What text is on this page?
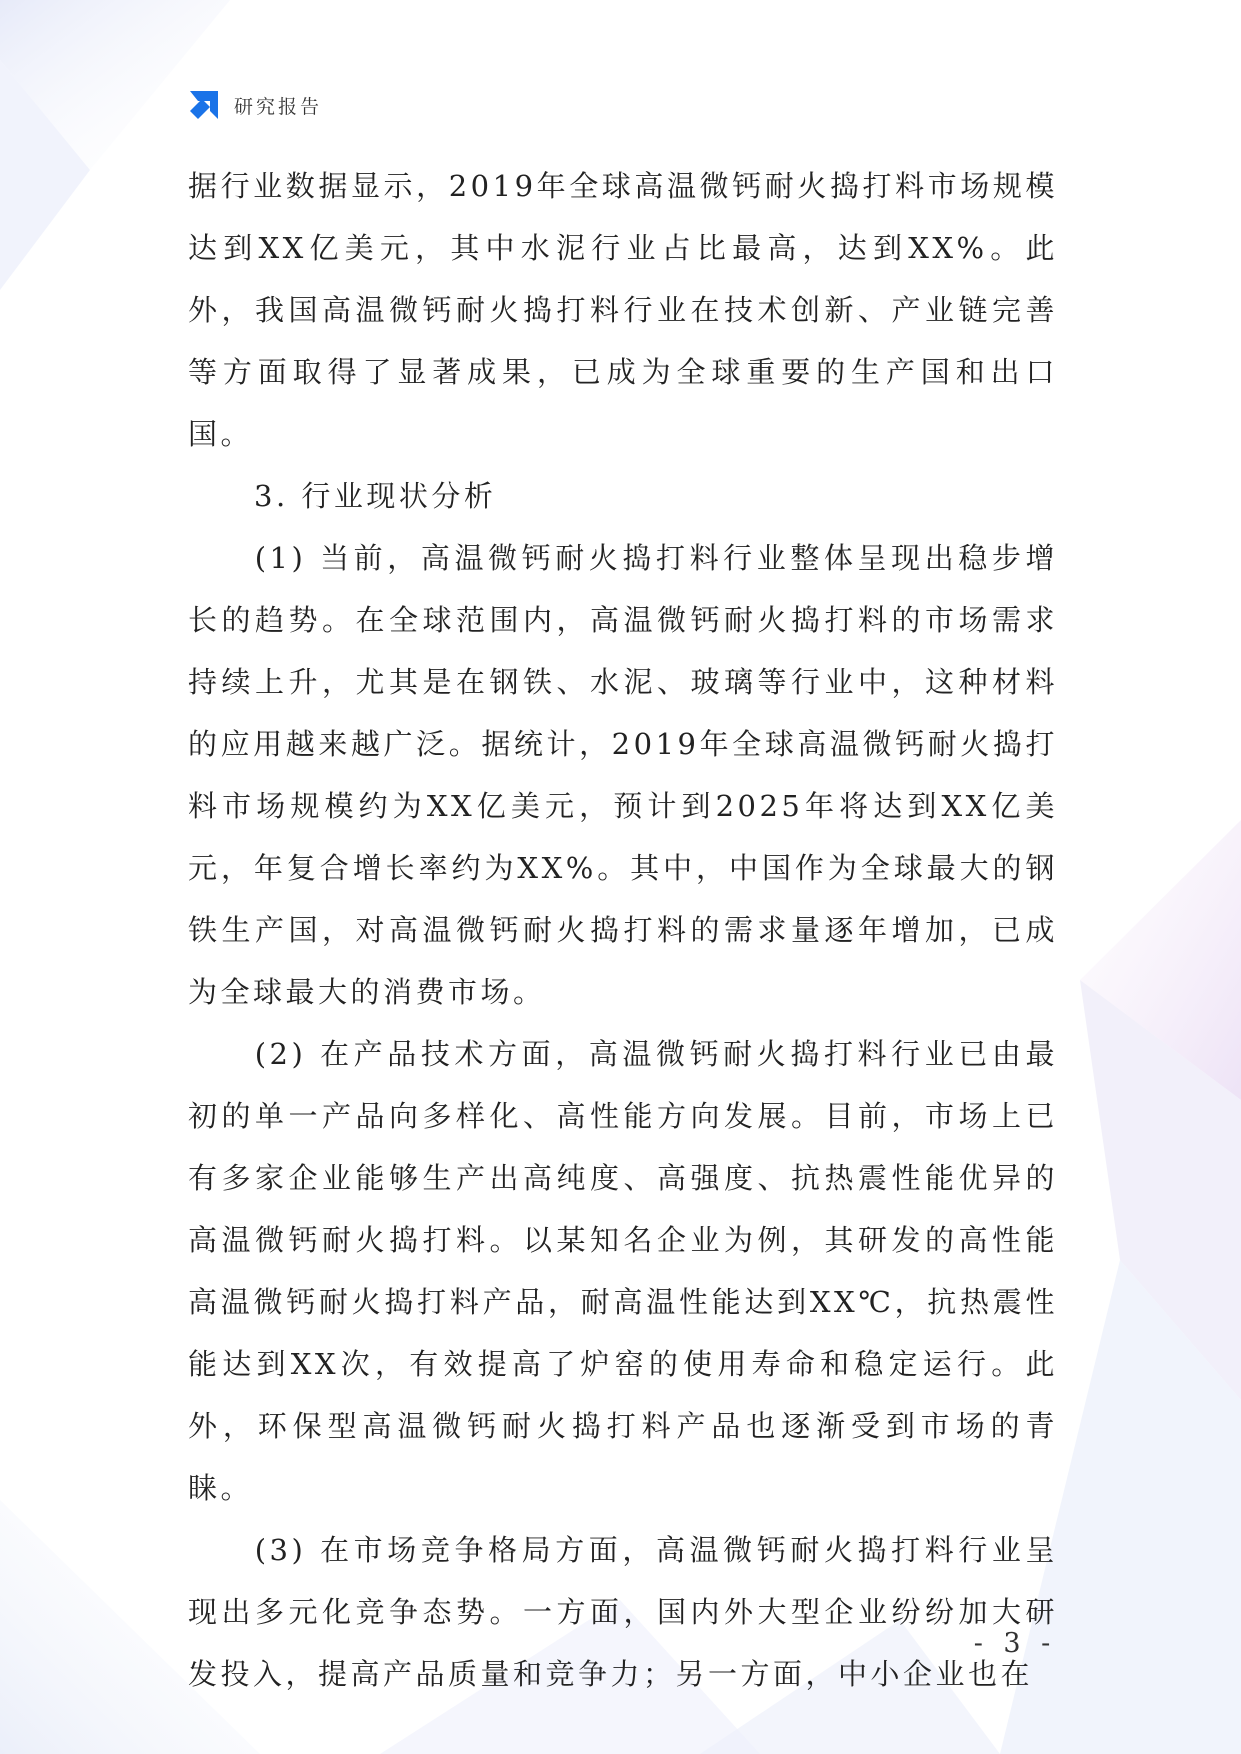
研究报告

据行业数据显示，2019年全球高温微钙耐火捣打料市场规模达到XX亿美元，其中水泥行业占比最高，达到XX%。此外，我国高温微钙耐火捣打料行业在技术创新、产业链完善等方面取得了显著成果，已成为全球重要的生产国和出口国。

3. 行业现状分析

(1) 当前，高温微钙耐火捣打料行业整体呈现出稳步增长的趋势。在全球范围内，高温微钙耐火捣打料的市场需求持续上升，尤其是在钢铁、水泥、玻璃等行业中，这种材料的应用越来越广泛。据统计，2019年全球高温微钙耐火捣打料市场规模约为XX亿美元，预计到2025年将达到XX亿美元，年复合增长率约为XX%。其中，中国作为全球最大的钢铁生产国，对高温微钙耐火捣打料的需求量逐年增加，已成为全球最大的消费市场。

(2) 在产品技术方面，高温微钙耐火捣打料行业已由最初的单一产品向多样化、高性能方向发展。目前，市场上已有多家企业能够生产出高纯度、高强度、抗热震性能优异的高温微钙耐火捣打料。以某知名企业为例，其研发的高性能高温微钙耐火捣打料产品，耐高温性能达到XX℃，抗热震性能达到XX次，有效提高了炉窑的使用寿命和稳定运行。此外，环保型高温微钙耐火捣打料产品也逐渐受到市场的青睐。

(3) 在市场竞争格局方面，高温微钙耐火捣打料行业呈现出多元化竞争态势。一方面，国内外大型企业纷纷加大研发投入，提高产品质量和竞争力；另一方面，中小企业也在

- 3 -
